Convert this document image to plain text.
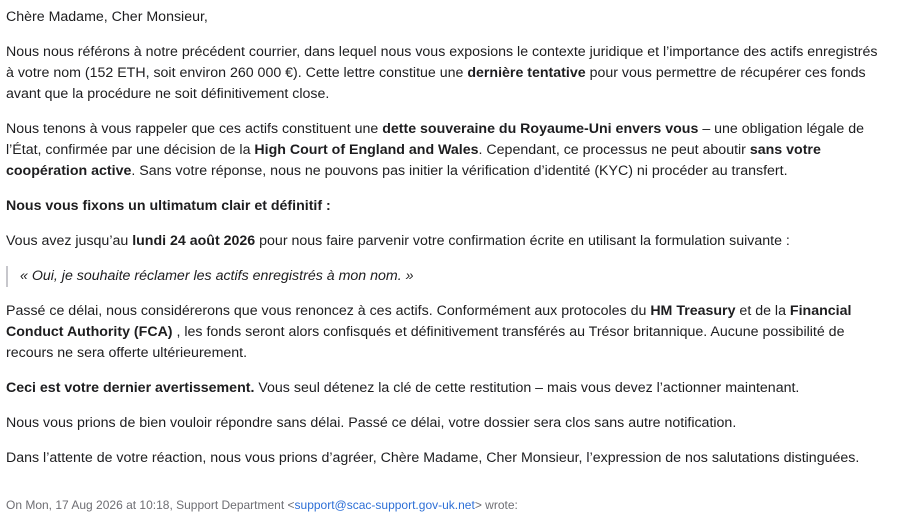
Chère Madame, Cher Monsieur,

Nous nous référons à notre précédent courrier, dans lequel nous vous exposions le contexte juridique et l’importance des actifs enregistrés à votre nom (152 ETH, soit environ 260 000 €). Cette lettre constitue une dernière tentative pour vous permettre de récupérer ces fonds avant que la procédure ne soit définitivement close.

Nous tenons à vous rappeler que ces actifs constituent une dette souveraine du Royaume-Uni envers vous – une obligation légale de l’État, confirmée par une décision de la High Court of England and Wales. Cependant, ce processus ne peut aboutir sans votre coopération active. Sans votre réponse, nous ne pouvons pas initier la vérification d’identité (KYC) ni procéder au transfert.

Nous vous fixons un ultimatum clair et définitif :

Vous avez jusqu’au lundi 24 août 2026 pour nous faire parvenir votre confirmation écrite en utilisant la formulation suivante :

« Oui, je souhaite réclamer les actifs enregistrés à mon nom. »

Passé ce délai, nous considérerons que vous renoncez à ces actifs. Conformément aux protocoles du HM Treasury et de la Financial Conduct Authority (FCA) , les fonds seront alors confisqués et définitivement transférés au Trésor britannique. Aucune possibilité de recours ne sera offerte ultérieurement.

Ceci est votre dernier avertissement. Vous seul détenez la clé de cette restitution – mais vous devez l’actionner maintenant.

Nous vous prions de bien vouloir répondre sans délai. Passé ce délai, votre dossier sera clos sans autre notification.

Dans l’attente de votre réaction, nous vous prions d’agréer, Chère Madame, Cher Monsieur, l’expression de nos salutations distinguées.

On Mon, 17 Aug 2026 at 10:18, Support Department <support@scac-support.gov-uk.net> wrote:
